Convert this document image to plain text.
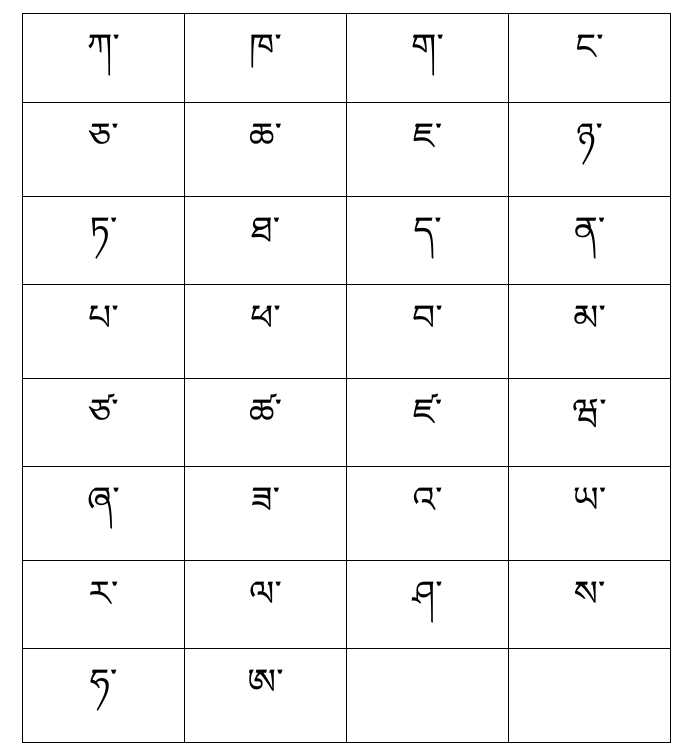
ཀ་	ཁ་	ག་	ང་
ཅ་	ཆ་	ཇ་	ཉ་
ཏ་	ཐ་	ད་	ན་
པ་	ཕ་	བ་	མ་
ཙ་	ཚ་	ཛ་	ཝ་
ཞ་	ཟ་	འ་	ཡ་
ར་	ལ་	ཤ་	ས་
ཧ་	ཨ་		
